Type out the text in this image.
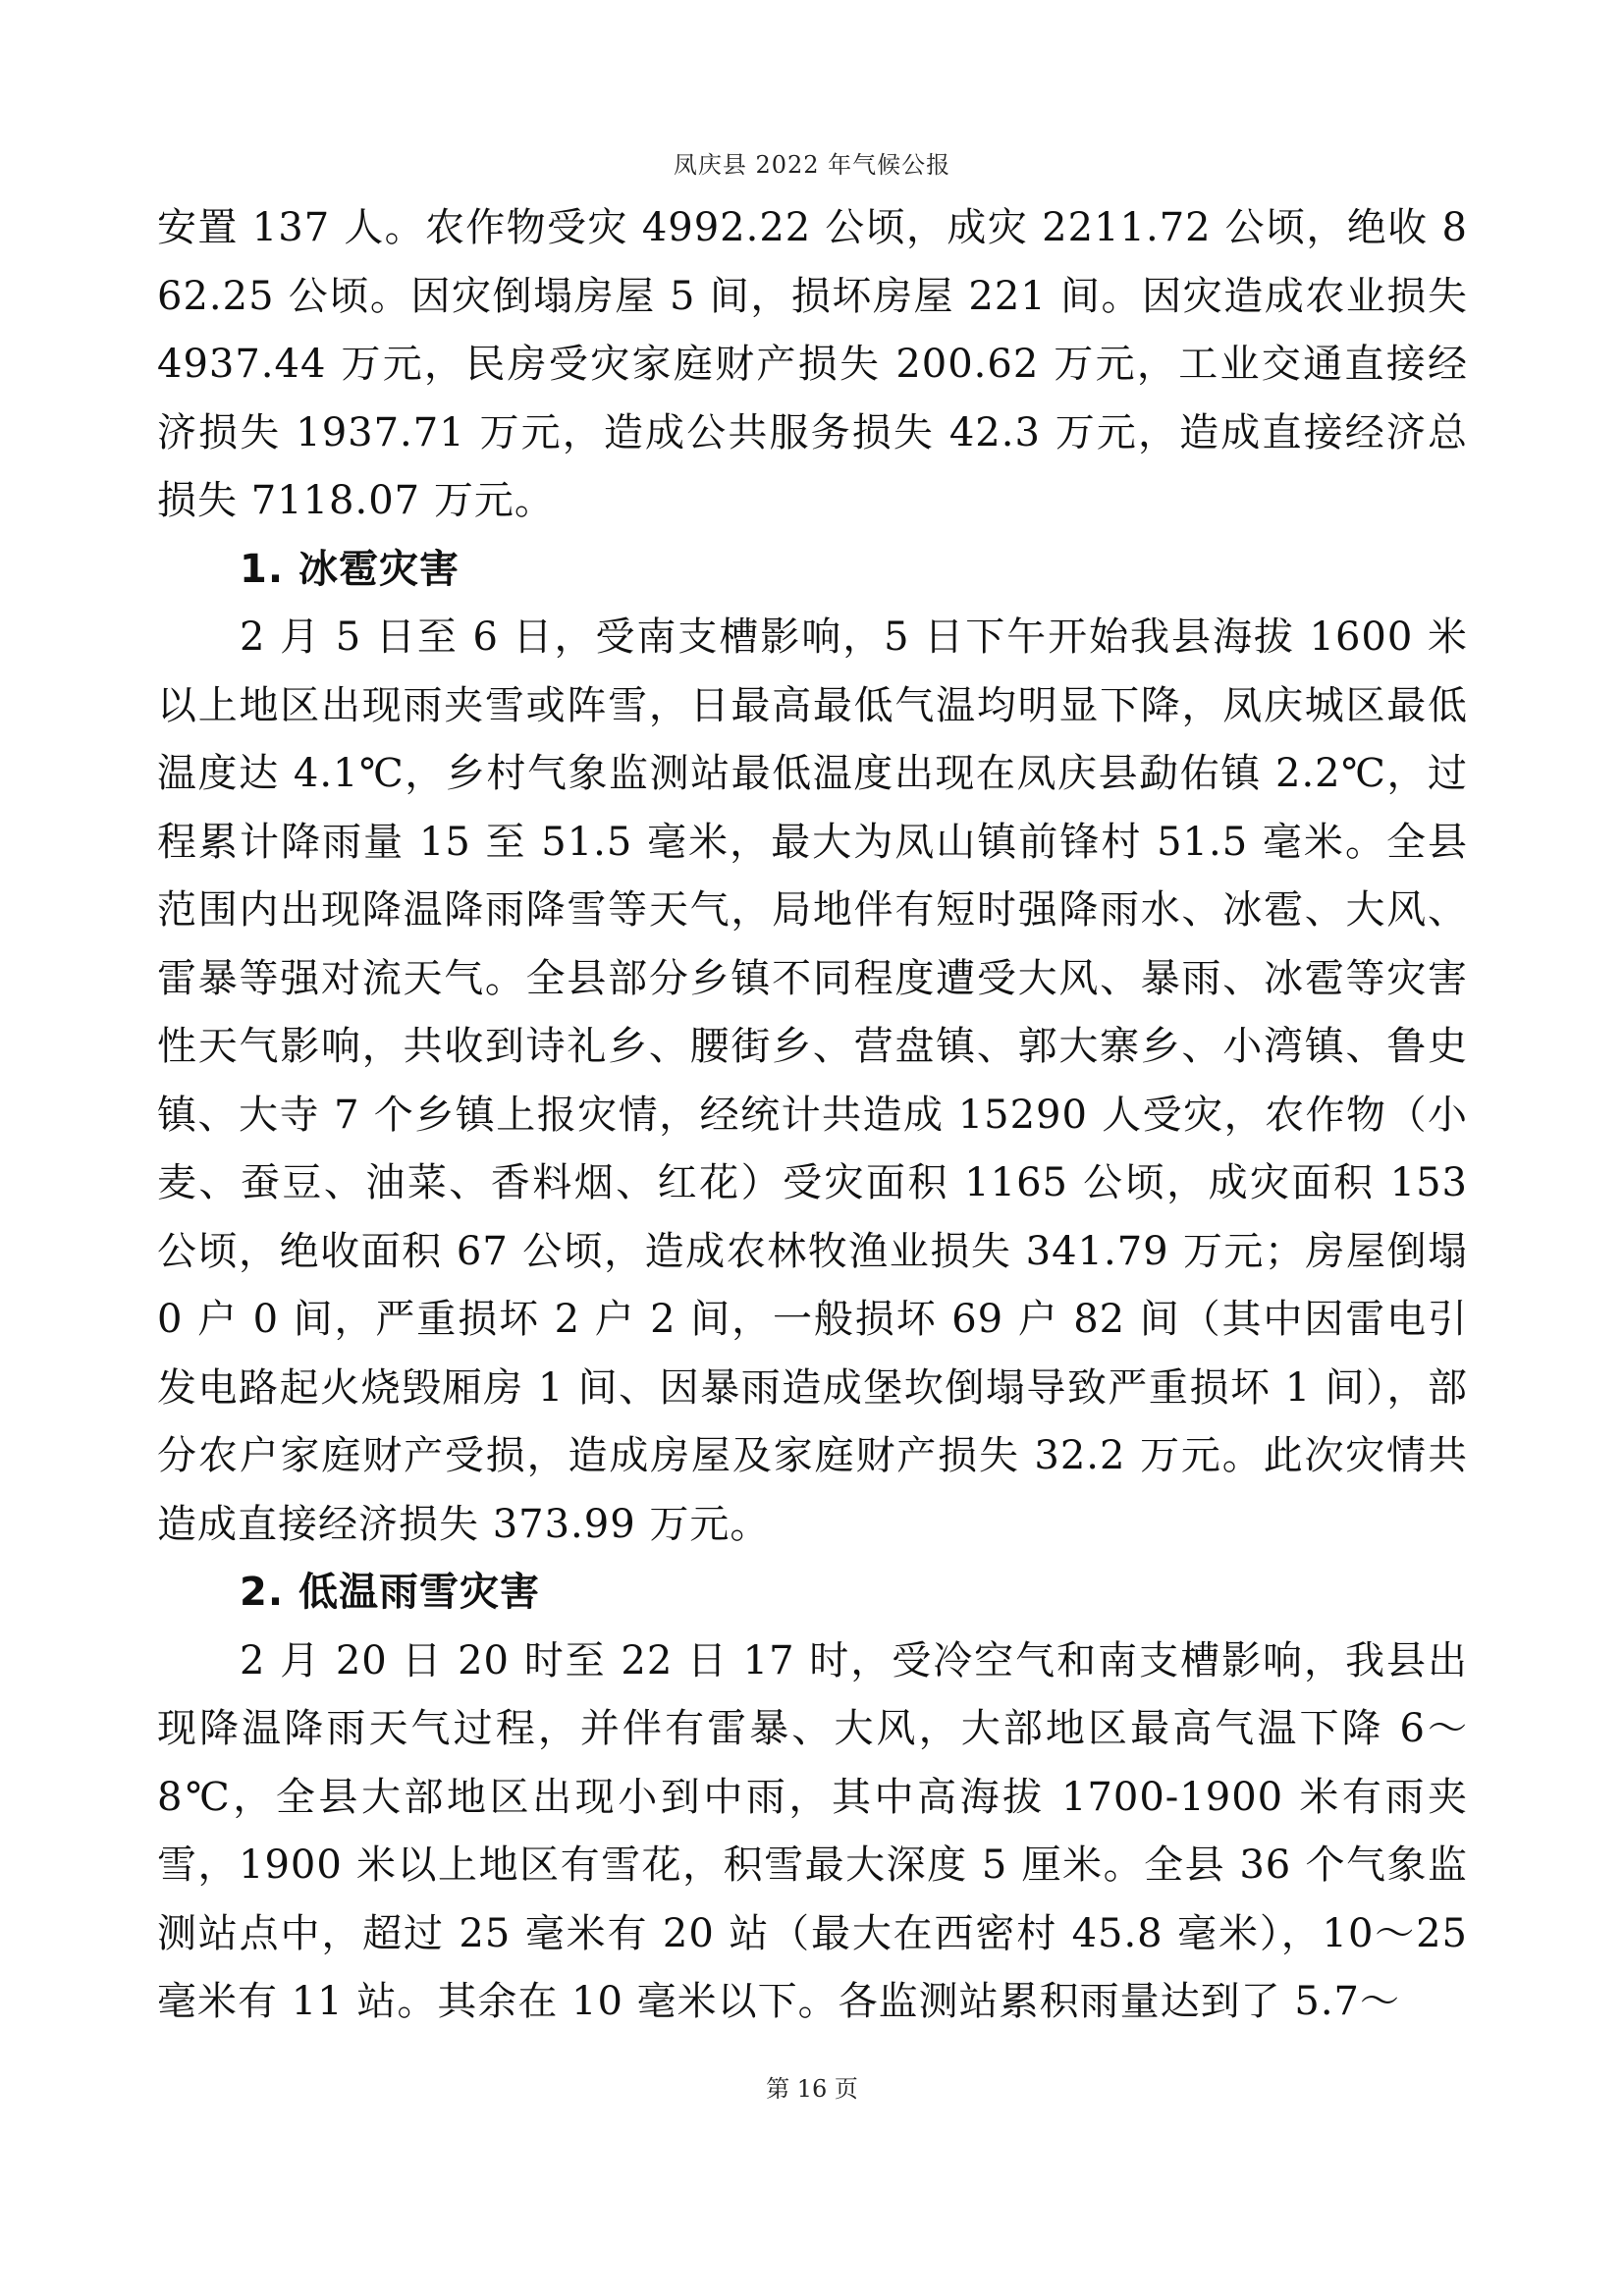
凤庆县 2022 年气候公报

安置 137 人。农作物受灾 4992.22 公顷，成灾 2211.72 公顷，绝收 862.25 公顷。因灾倒塌房屋 5 间，损坏房屋 221 间。因灾造成农业损失 4937.44 万元，民房受灾家庭财产损失 200.62 万元，工业交通直接经济损失 1937.71 万元，造成公共服务损失 42.3 万元，造成直接经济总损失 7118.07 万元。

1. 冰雹灾害

2 月 5 日至 6 日，受南支槽影响，5 日下午开始我县海拔 1600 米以上地区出现雨夹雪或阵雪，日最高最低气温均明显下降，凤庆城区最低温度达 4.1℃，乡村气象监测站最低温度出现在凤庆县勐佑镇 2.2℃，过程累计降雨量 15 至 51.5 毫米，最大为凤山镇前锋村 51.5 毫米。全县范围内出现降温降雨降雪等天气，局地伴有短时强降雨水、冰雹、大风、雷暴等强对流天气。全县部分乡镇不同程度遭受大风、暴雨、冰雹等灾害性天气影响，共收到诗礼乡、腰街乡、营盘镇、郭大寨乡、小湾镇、鲁史镇、大寺 7 个乡镇上报灾情，经统计共造成 15290 人受灾，农作物（小麦、蚕豆、油菜、香料烟、红花）受灾面积 1165 公顷，成灾面积 153 公顷，绝收面积 67 公顷，造成农林牧渔业损失 341.79 万元；房屋倒塌 0 户 0 间，严重损坏 2 户 2 间，一般损坏 69 户 82 间（其中因雷电引发电路起火烧毁厢房 1 间、因暴雨造成堡坎倒塌导致严重损坏 1 间），部分农户家庭财产受损，造成房屋及家庭财产损失 32.2 万元。此次灾情共造成直接经济损失 373.99 万元。

2. 低温雨雪灾害

2 月 20 日 20 时至 22 日 17 时，受冷空气和南支槽影响，我县出现降温降雨天气过程，并伴有雷暴、大风，大部地区最高气温下降 6～8℃，全县大部地区出现小到中雨，其中高海拔 1700-1900 米有雨夹雪，1900 米以上地区有雪花，积雪最大深度 5 厘米。全县 36 个气象监测站点中，超过 25 毫米有 20 站（最大在西密村 45.8 毫米），10～25 毫米有 11 站。其余在 10 毫米以下。各监测站累积雨量达到了 5.7～

第 16 页
